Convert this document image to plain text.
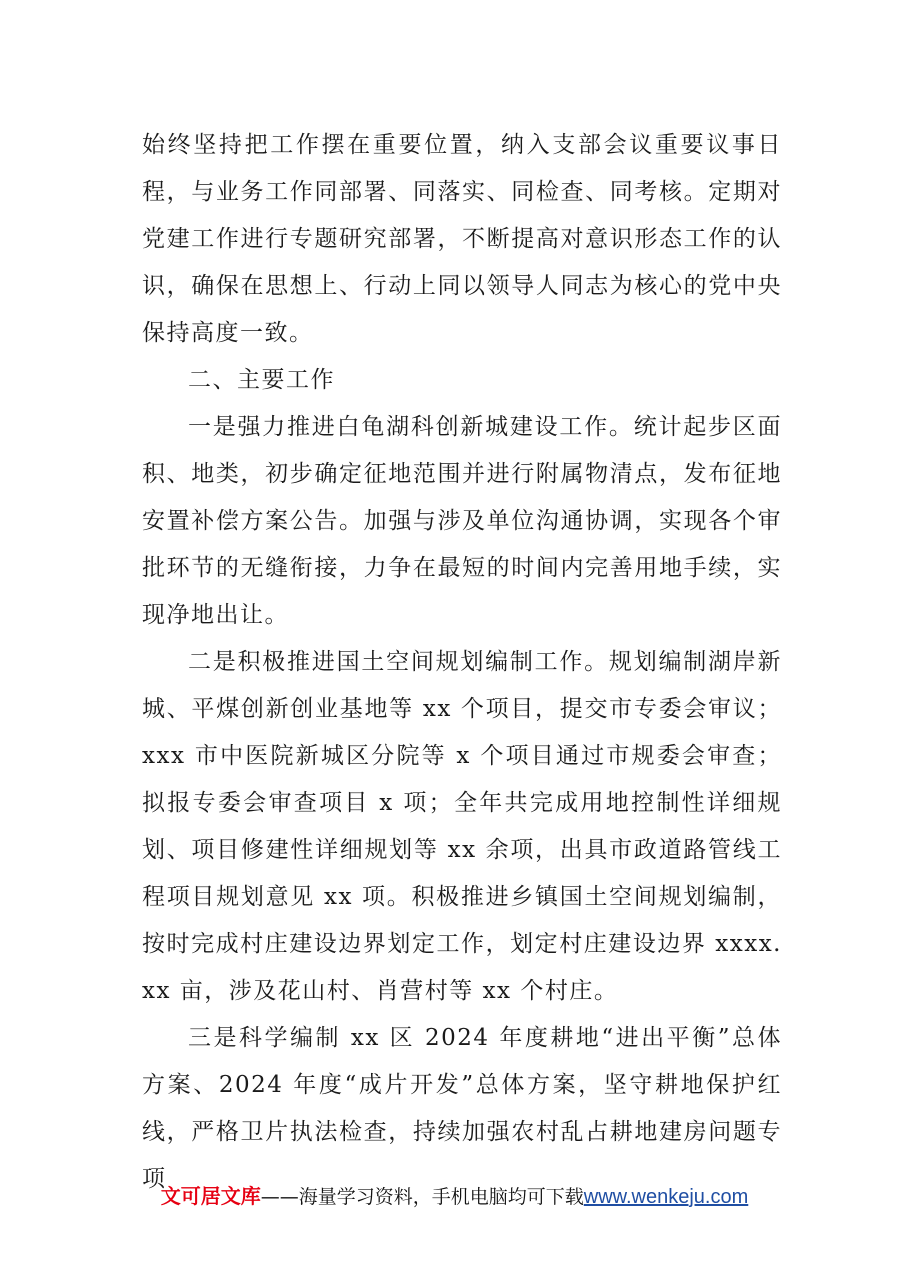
始终坚持把工作摆在重要位置，纳入支部会议重要议事日程，与业务工作同部署、同落实、同检查、同考核。定期对党建工作进行专题研究部署，不断提高对意识形态工作的认识，确保在思想上、行动上同以领导人同志为核心的党中央保持高度一致。

二、主要工作

一是强力推进白龟湖科创新城建设工作。统计起步区面积、地类，初步确定征地范围并进行附属物清点，发布征地安置补偿方案公告。加强与涉及单位沟通协调，实现各个审批环节的无缝衔接，力争在最短的时间内完善用地手续，实现净地出让。

二是积极推进国土空间规划编制工作。规划编制湖岸新城、平煤创新创业基地等 xx 个项目，提交市专委会审议；xxx 市中医院新城区分院等 x 个项目通过市规委会审查；拟报专委会审查项目 x 项；全年共完成用地控制性详细规划、项目修建性详细规划等 xx 余项，出具市政道路管线工程项目规划意见 xx 项。积极推进乡镇国土空间规划编制，按时完成村庄建设边界划定工作，划定村庄建设边界 xxxx. xx 亩，涉及花山村、肖营村等 xx 个村庄。

三是科学编制 xx 区 2024 年度耕地“进出平衡”总体方案、2024 年度“成片开发”总体方案，坚守耕地保护红线，严格卫片执法检查，持续加强农村乱占耕地建房问题专项

文可居文库——海量学习资料，手机电脑均可下载www.wenkeju.com
